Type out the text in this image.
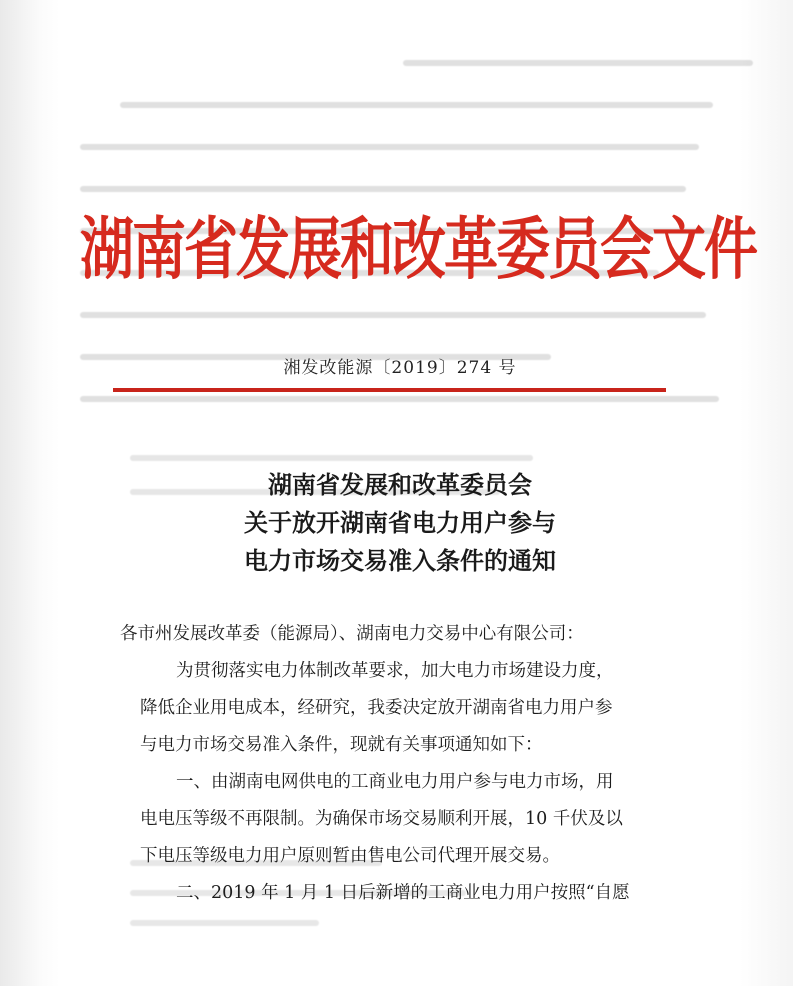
湖南省发展和改革委员会文件
湘发改能源〔2019〕274 号
湖南省发展和改革委员会
关于放开湖南省电力用户参与
电力市场交易准入条件的通知

各市州发展改革委（能源局）、湖南电力交易中心有限公司：

为贯彻落实电力体制改革要求，加大电力市场建设力度，

降低企业用电成本，经研究，我委决定放开湖南省电力用户参

与电力市场交易准入条件，现就有关事项通知如下：

一、由湖南电网供电的工商业电力用户参与电力市场，用

电电压等级不再限制。为确保市场交易顺利开展，10 千伏及以

下电压等级电力用户原则暂由售电公司代理开展交易。

二、2019 年 1 月 1 日后新增的工商业电力用户按照“自愿
